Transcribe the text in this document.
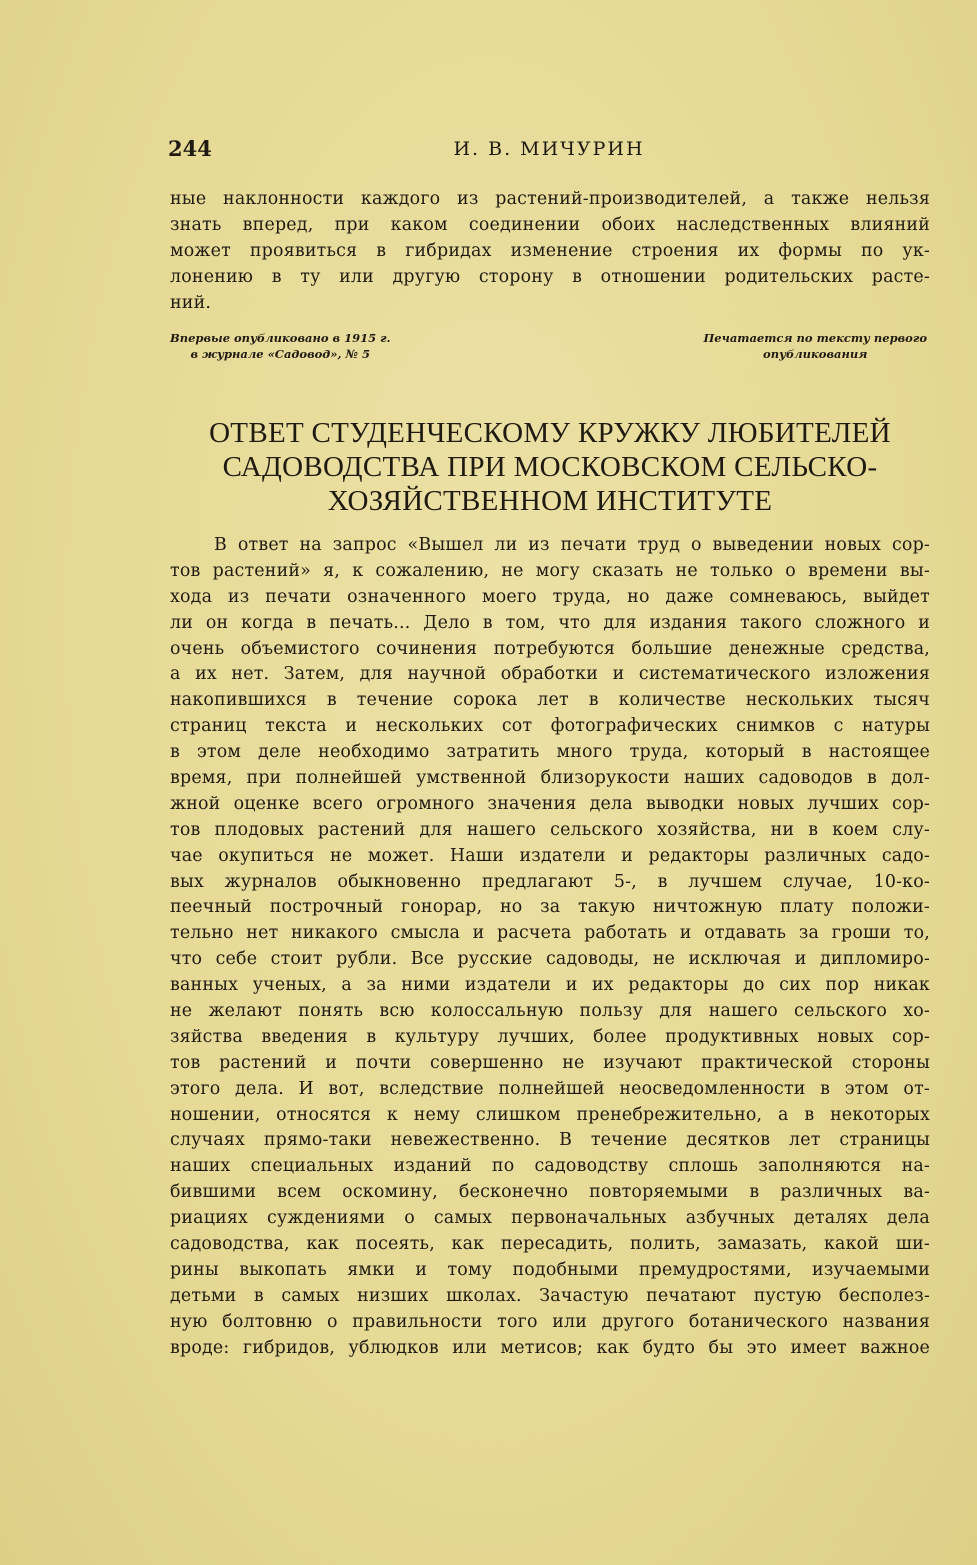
244	И. В. МИЧУРИН
ные наклонности каждого из растений-производителей, а также нельзя
знать вперед, при каком соединении обоих наследственных влияний
может проявиться в гибридах изменение строения их формы по ук-
лонению в ту или другую сторону в отношении родительских расте-
ний.
Впервые опубликовано в 1915 г.
в журнале «Садовод», № 5
Печатается по тексту первого
опубликования
ОТВЕТ СТУДЕНЧЕСКОМУ КРУЖКУ ЛЮБИТЕЛЕЙ
САДОВОДСТВА ПРИ МОСКОВСКОМ СЕЛЬСКО-
ХОЗЯЙСТВЕННОМ ИНСТИТУТЕ
В ответ на запрос «Вышел ли из печати труд о выведении новых сор-
тов растений» я, к сожалению, не могу сказать не только о времени вы-
хода из печати означенного моего труда, но даже сомневаюсь, выйдет
ли он когда в печать... Дело в том, что для издания такого сложного и
очень объемистого сочинения потребуются большие денежные средства,
а их нет. Затем, для научной обработки и систематического изложения
накопившихся в течение сорока лет в количестве нескольких тысяч
страниц текста и нескольких сот фотографических снимков с натуры
в этом деле необходимо затратить много труда, который в настоящее
время, при полнейшей умственной близорукости наших садоводов в дол-
жной оценке всего огромного значения дела выводки новых лучших сор-
тов плодовых растений для нашего сельского хозяйства, ни в коем слу-
чае окупиться не может. Наши издатели и редакторы различных садо-
вых журналов обыкновенно предлагают 5-, в лучшем случае, 10-ко-
пеечный построчный гонорар, но за такую ничтожную плату положи-
тельно нет никакого смысла и расчета работать и отдавать за гроши то,
что себе стоит рубли. Все русские садоводы, не исключая и дипломиро-
ванных ученых, а за ними издатели и их редакторы до сих пор никак
не желают понять всю колоссальную пользу для нашего сельского хо-
зяйства введения в культуру лучших, более продуктивных новых сор-
тов растений и почти совершенно не изучают практической стороны
этого дела. И вот, вследствие полнейшей неосведомленности в этом от-
ношении, относятся к нему слишком пренебрежительно, а в некоторых
случаях прямо-таки невежественно. В течение десятков лет страницы
наших специальных изданий по садоводству сплошь заполняются на-
бившими всем оскомину, бесконечно повторяемыми в различных ва-
риациях суждениями о самых первоначальных азбучных деталях дела
садоводства, как посеять, как пересадить, полить, замазать, какой ши-
рины выкопать ямки и тому подобными премудростями, изучаемыми
детьми в самых низших школах. Зачастую печатают пустую бесполез-
ную болтовню о правильности того или другого ботанического названия
вроде: гибридов, ублюдков или метисов; как будто бы это имеет важное
